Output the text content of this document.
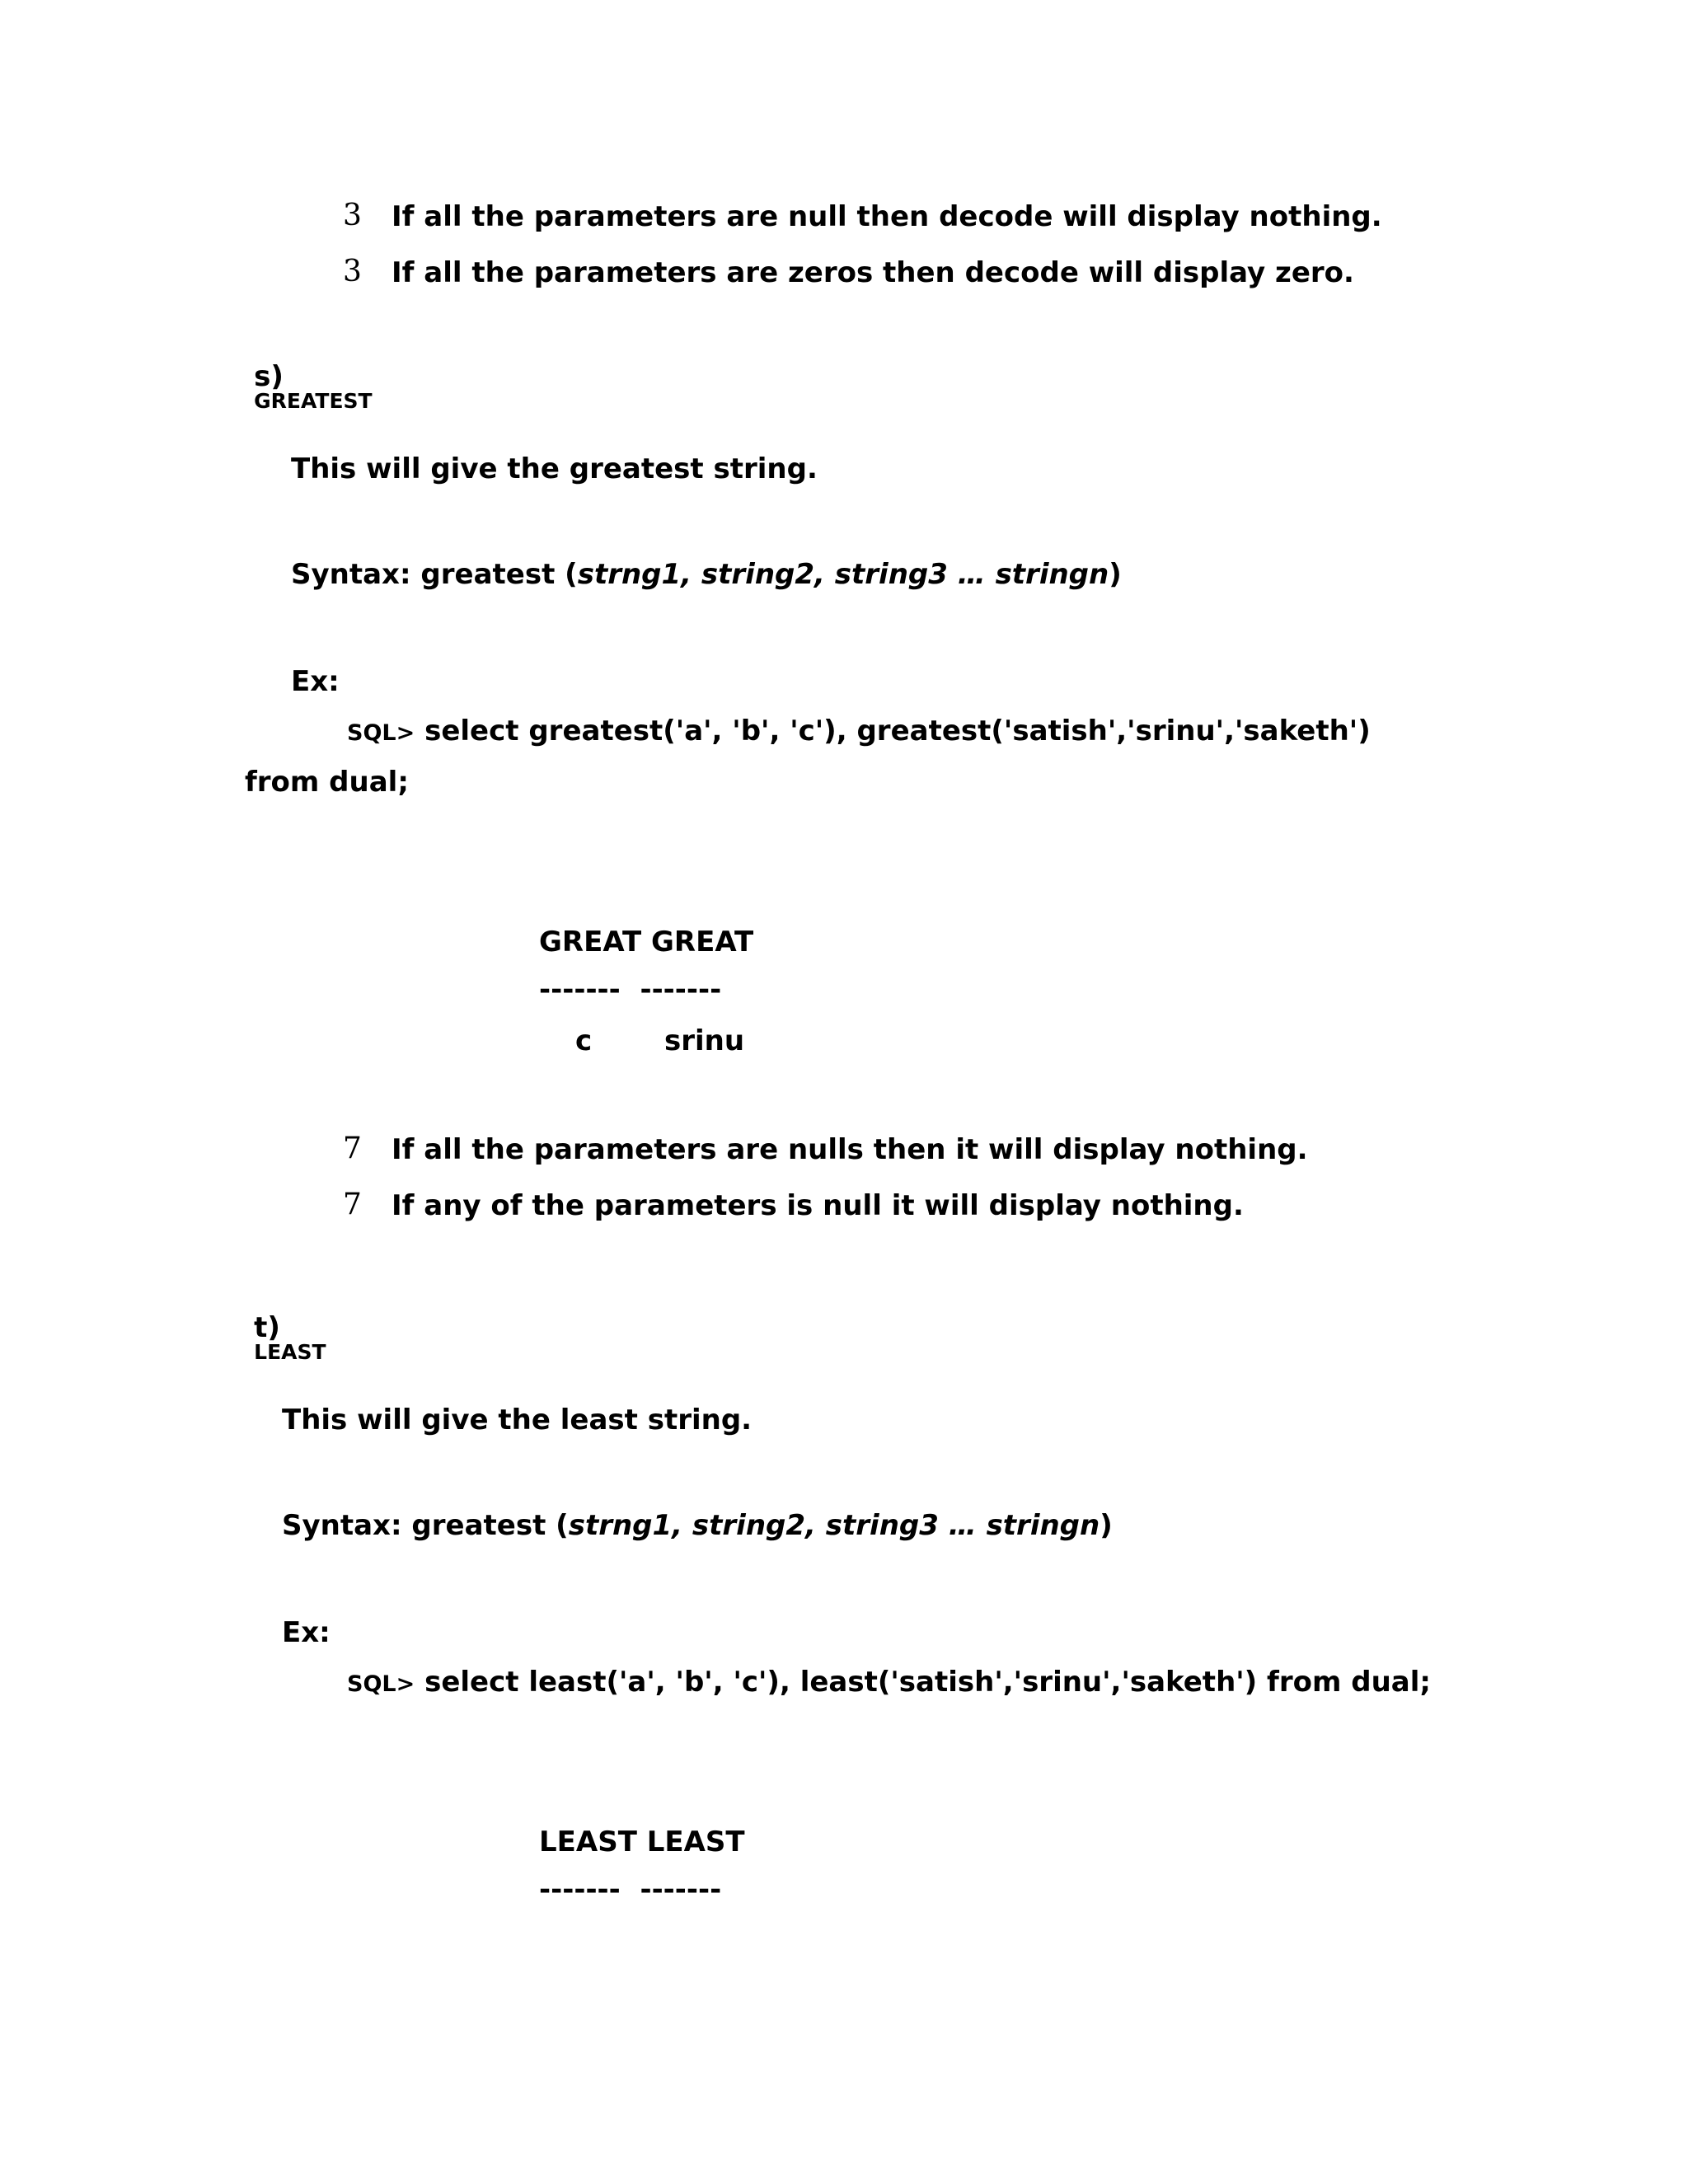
3 If all the parameters are null then decode will display nothing.
3 If all the parameters are zeros then decode will display zero.

s)
GREATEST

This will give the greatest string.
Syntax: greatest (strng1, string2, string3 … stringn)
Ex:
SQL> select greatest('a', 'b', 'c'), greatest('satish','srinu','saketh')
from dual;
GREAT GREAT
-------  -------
c	srinu
7 If all the parameters are nulls then it will display nothing.
7 If any of the parameters is null it will display nothing.

t)
LEAST

This will give the least string.
Syntax: greatest (strng1, string2, string3 … stringn)
Ex:
SQL> select least('a', 'b', 'c'), least('satish','srinu','saketh') from dual;
LEAST LEAST
-------  -------
